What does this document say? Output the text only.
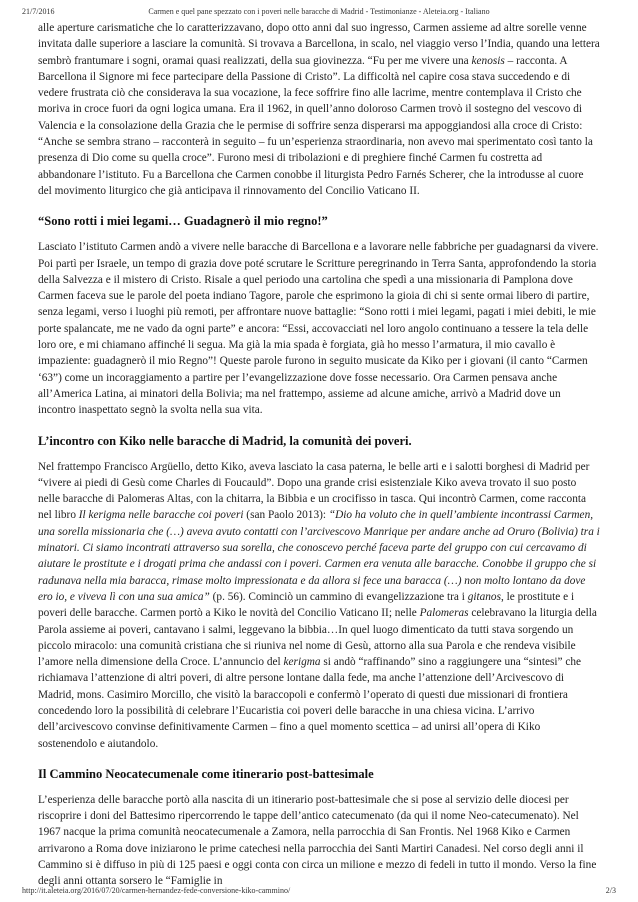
21/7/2016	Carmen e quel pane spezzato con i poveri nelle baracche di Madrid - Testimonianze - Aleteia.org - Italiano

alle aperture carismatiche che lo caratterizzavano, dopo otto anni dal suo ingresso, Carmen assieme ad altre sorelle venne invitata dalle superiore a lasciare la comunità. Si trovava a Barcellona, in scalo, nel viaggio verso l’India, quando una lettera sembrò frantumare i sogni, oramai quasi realizzati, della sua giovinezza. “Fu per me vivere una kenosis – racconta. A Barcellona il Signore mi fece partecipare della Passione di Cristo”. La difficoltà nel capire cosa stava succedendo e di vedere frustrata ciò che considerava la sua vocazione, la fece soffrire fino alle lacrime, mentre contemplava il Cristo che moriva in croce fuori da ogni logica umana. Era il 1962, in quell’anno doloroso Carmen trovò il sostegno del vescovo di Valencia e la consolazione della Grazia che le permise di soffrire senza disperarsi ma appoggiandosi alla croce di Cristo: “Anche se sembra strano – racconterà in seguito – fu un’esperienza straordinaria, non avevo mai sperimentato così tanto la presenza di Dio come su quella croce”. Furono mesi di tribolazioni e di preghiere finché Carmen fu costretta ad abbandonare l’istituto. Fu a Barcellona che Carmen conobbe il liturgista Pedro Farnés Scherer, che la introdusse al cuore del movimento liturgico che già anticipava il rinnovamento del Concilio Vaticano II.

“Sono rotti i miei legami… Guadagnerò il mio regno!”

Lasciato l’istituto Carmen andò a vivere nelle baracche di Barcellona e a lavorare nelle fabbriche per guadagnarsi da vivere. Poi partì per Israele, un tempo di grazia dove poté scrutare le Scritture peregrinando in Terra Santa, approfondendo la storia della Salvezza e il mistero di Cristo. Risale a quel periodo una cartolina che spedì a una missionaria di Pamplona dove Carmen faceva sue le parole del poeta indiano Tagore, parole che esprimono la gioia di chi si sente ormai libero di partire, senza legami, verso i luoghi più remoti, per affrontare nuove battaglie: “Sono rotti i miei legami, pagati i miei debiti, le mie porte spalancate, me ne vado da ogni parte” e ancora: “Essi, accovacciati nel loro angolo continuano a tessere la tela delle loro ore, e mi chiamano affinché li segua. Ma già la mia spada è forgiata, già ho messo l’armatura, il mio cavallo è impaziente: guadagnerò il mio Regno”! Queste parole furono in seguito musicate da Kiko per i giovani (il canto “Carmen ‘63”) come un incoraggiamento a partire per l’evangelizzazione dove fosse necessario. Ora Carmen pensava anche all’America Latina, ai minatori della Bolivia; ma nel frattempo, assieme ad alcune amiche, arrivò a Madrid dove un incontro inaspettato segnò la svolta nella sua vita.

L’incontro con Kiko nelle baracche di Madrid, la comunità dei poveri.

Nel frattempo Francisco Argüello, detto Kiko, aveva lasciato la casa paterna, le belle arti e i salotti borghesi di Madrid per “vivere ai piedi di Gesù come Charles di Foucauld”. Dopo una grande crisi esistenziale Kiko aveva trovato il suo posto nelle baracche di Palomeras Altas, con la chitarra, la Bibbia e un crocifisso in tasca. Qui incontrò Carmen, come racconta nel libro Il kerigma nelle baracche coi poveri (san Paolo 2013): “Dio ha voluto che in quell’ambiente incontrassi Carmen, una sorella missionaria che (…) aveva avuto contatti con l’arcivescovo Manrique per andare anche ad Oruro (Bolivia) tra i minatori. Ci siamo incontrati attraverso sua sorella, che conoscevo perché faceva parte del gruppo con cui cercavamo di aiutare le prostitute e i drogati prima che andassi con i poveri. Carmen era venuta alle baracche. Conobbe il gruppo che si radunava nella mia baracca, rimase molto impressionata e da allora si fece una baracca (…) non molto lontano da dove ero io, e viveva lì con una sua amica” (p. 56). Cominciò un cammino di evangelizzazione tra i gitanos, le prostitute e i poveri delle baracche. Carmen portò a Kiko le novità del Concilio Vaticano II; nelle Palomeras celebravano la liturgia della Parola assieme ai poveri, cantavano i salmi, leggevano la bibbia…In quel luogo dimenticato da tutti stava sorgendo un piccolo miracolo: una comunità cristiana che si riuniva nel nome di Gesù, attorno alla sua Parola e che rendeva visibile l’amore nella dimensione della Croce. L’annuncio del kerigma si andò “raffinando” sino a raggiungere una “sintesi” che richiamava l’attenzione di altri poveri, di altre persone lontane dalla fede, ma anche l’attenzione dell’Arcivescovo di Madrid, mons. Casimiro Morcillo, che visitò la baraccopoli e confermò l’operato di questi due missionari di frontiera concedendo loro la possibilità di celebrare l’Eucaristia coi poveri delle baracche in una chiesa vicina. L’arrivo dell’arcivescovo convinse definitivamente Carmen – fino a quel momento scettica – ad unirsi all’opera di Kiko sostenendolo e aiutandolo.

Il Cammino Neocatecumenale come itinerario post-battesimale

L’esperienza delle baracche portò alla nascita di un itinerario post-battesimale che si pose al servizio delle diocesi per riscoprire i doni del Battesimo ripercorrendo le tappe dell’antico catecumenato (da qui il nome Neo-catecumenato). Nel 1967 nacque la prima comunità neocatecumenale a Zamora, nella parrocchia di San Frontis. Nel 1968 Kiko e Carmen arrivarono a Roma dove iniziarono le prime catechesi nella parrocchia dei Santi Martiri Canadesi. Nel corso degli anni il Cammino si è diffuso in più di 125 paesi e oggi conta con circa un milione e mezzo di fedeli in tutto il mondo. Verso la fine degli anni ottanta sorsero le “Famiglie in

http://it.aleteia.org/2016/07/20/carmen-hernandez-fede-conversione-kiko-cammino/	2/3
